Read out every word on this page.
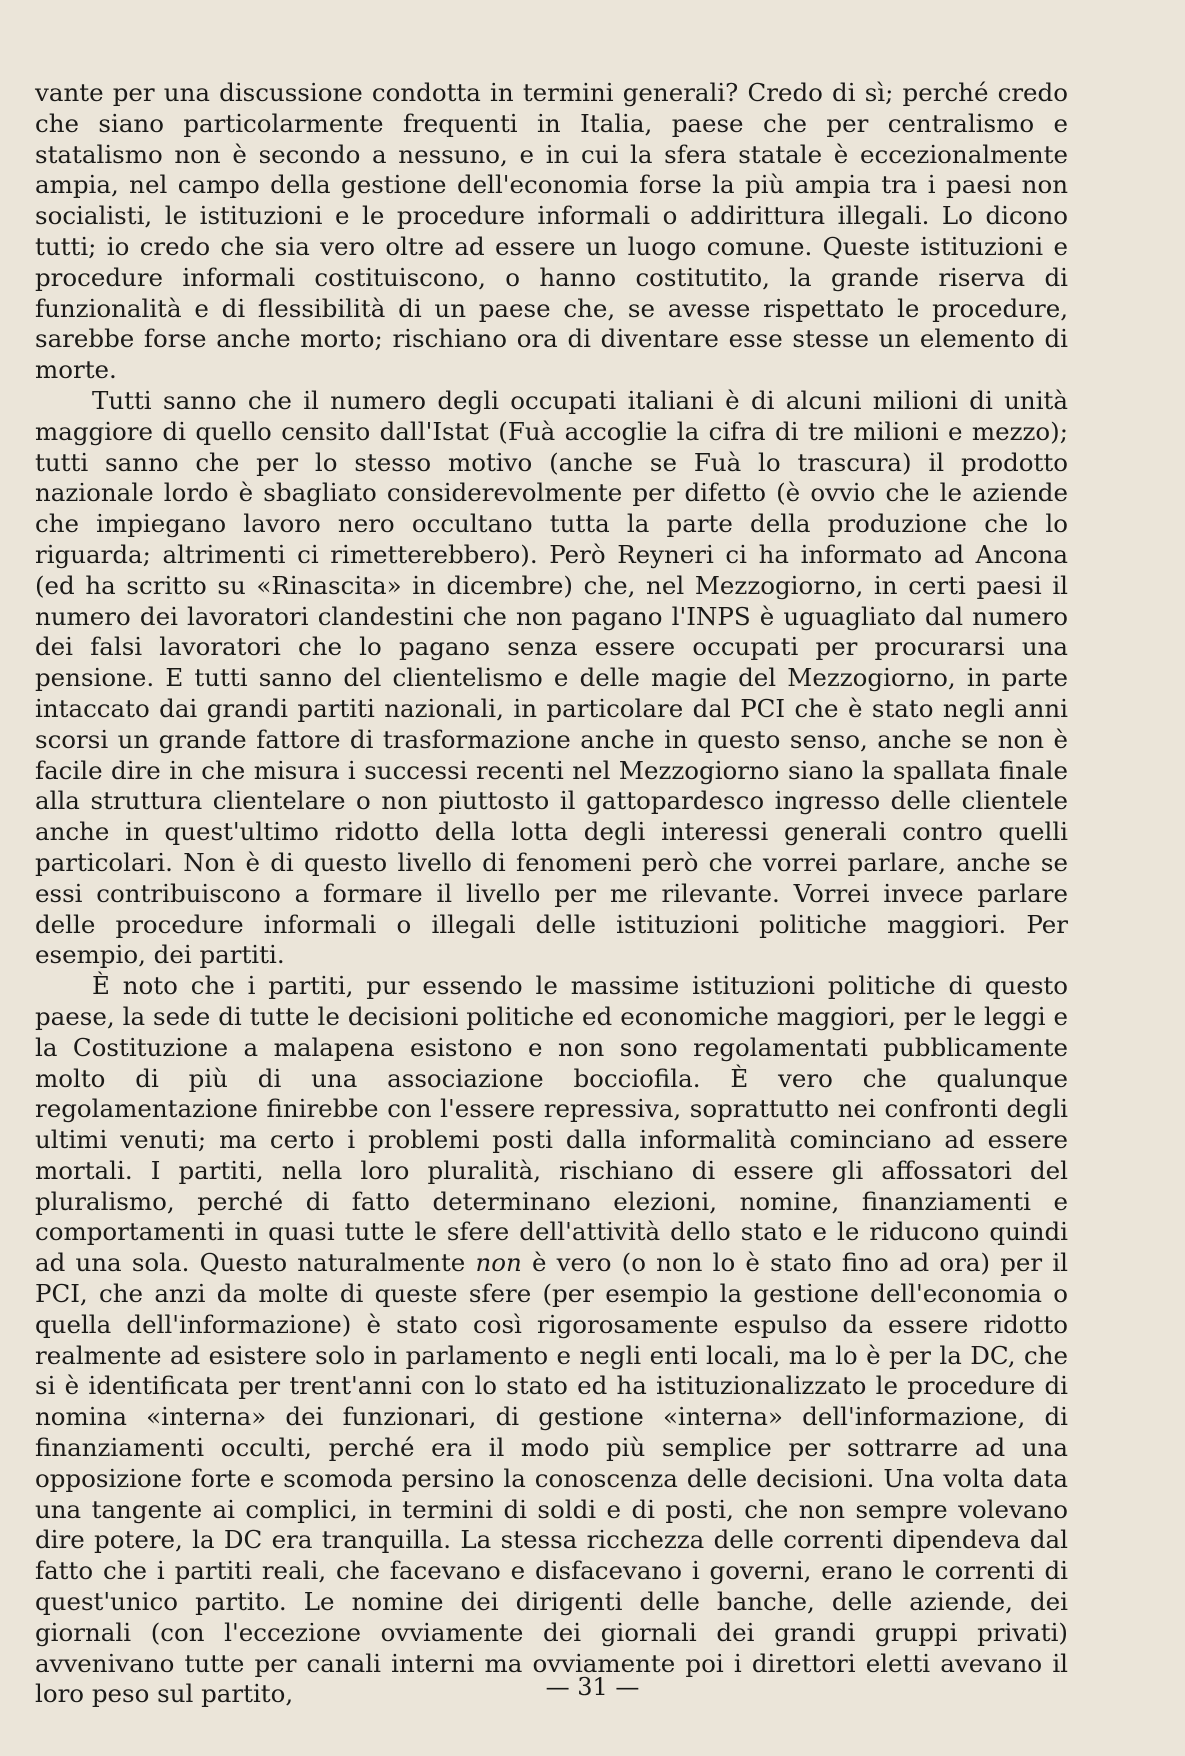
vante per una discussione condotta in termini generali? Credo di sì; perché credo che siano particolarmente frequenti in Italia, paese che per centralismo e statalismo non è secondo a nessuno, e in cui la sfera statale è eccezionalmente ampia, nel campo della gestione dell'economia forse la più ampia tra i paesi non socialisti, le istituzioni e le procedure informali o addirittura illegali. Lo dicono tutti; io credo che sia vero oltre ad essere un luogo comune. Queste istituzioni e procedure informali costituiscono, o hanno costitutito, la grande riserva di funzionalità e di flessibilità di un paese che, se avesse rispettato le procedure, sarebbe forse anche morto; rischiano ora di diventare esse stesse un elemento di morte.

Tutti sanno che il numero degli occupati italiani è di alcuni milioni di unità maggiore di quello censito dall'Istat (Fuà accoglie la cifra di tre milioni e mezzo); tutti sanno che per lo stesso motivo (anche se Fuà lo trascura) il prodotto nazionale lordo è sbagliato considerevolmente per difetto (è ovvio che le aziende che impiegano lavoro nero occultano tutta la parte della produzione che lo riguarda; altrimenti ci rimetterebbero). Però Reyneri ci ha informato ad Ancona (ed ha scritto su «Rinascita» in dicembre) che, nel Mezzogiorno, in certi paesi il numero dei lavoratori clandestini che non pagano l'INPS è uguagliato dal numero dei falsi lavoratori che lo pagano senza essere occupati per procurarsi una pensione. E tutti sanno del clientelismo e delle magie del Mezzogiorno, in parte intaccato dai grandi partiti nazionali, in particolare dal PCI che è stato negli anni scorsi un grande fattore di trasformazione anche in questo senso, anche se non è facile dire in che misura i successi recenti nel Mezzogiorno siano la spallata finale alla struttura clientelare o non piuttosto il gattopardesco ingresso delle clientele anche in quest'ultimo ridotto della lotta degli interessi generali contro quelli particolari. Non è di questo livello di fenomeni però che vorrei parlare, anche se essi contribuiscono a formare il livello per me rilevante. Vorrei invece parlare delle procedure informali o illegali delle istituzioni politiche maggiori. Per esempio, dei partiti.

È noto che i partiti, pur essendo le massime istituzioni politiche di questo paese, la sede di tutte le decisioni politiche ed economiche maggiori, per le leggi e la Costituzione a malapena esistono e non sono regolamentati pubblicamente molto di più di una associazione bocciofila. È vero che qualunque regolamentazione finirebbe con l'essere repressiva, soprattutto nei confronti degli ultimi venuti; ma certo i problemi posti dalla informalità cominciano ad essere mortali. I partiti, nella loro pluralità, rischiano di essere gli affossatori del pluralismo, perché di fatto determinano elezioni, nomine, finanziamenti e comportamenti in quasi tutte le sfere dell'attività dello stato e le riducono quindi ad una sola. Questo naturalmente non è vero (o non lo è stato fino ad ora) per il PCI, che anzi da molte di queste sfere (per esempio la gestione dell'economia o quella dell'informazione) è stato così rigorosamente espulso da essere ridotto realmente ad esistere solo in parlamento e negli enti locali, ma lo è per la DC, che si è identificata per trent'anni con lo stato ed ha istituzionalizzato le procedure di nomina «interna» dei funzionari, di gestione «interna» dell'informazione, di finanziamenti occulti, perché era il modo più semplice per sottrarre ad una opposizione forte e scomoda persino la conoscenza delle decisioni. Una volta data una tangente ai complici, in termini di soldi e di posti, che non sempre volevano dire potere, la DC era tranquilla. La stessa ricchezza delle correnti dipendeva dal fatto che i partiti reali, che facevano e disfacevano i governi, erano le correnti di quest'unico partito. Le nomine dei dirigenti delle banche, delle aziende, dei giornali (con l'eccezione ovviamente dei giornali dei grandi gruppi privati) avvenivano tutte per canali interni ma ovviamente poi i direttori eletti avevano il loro peso sul partito,	— 31 —
